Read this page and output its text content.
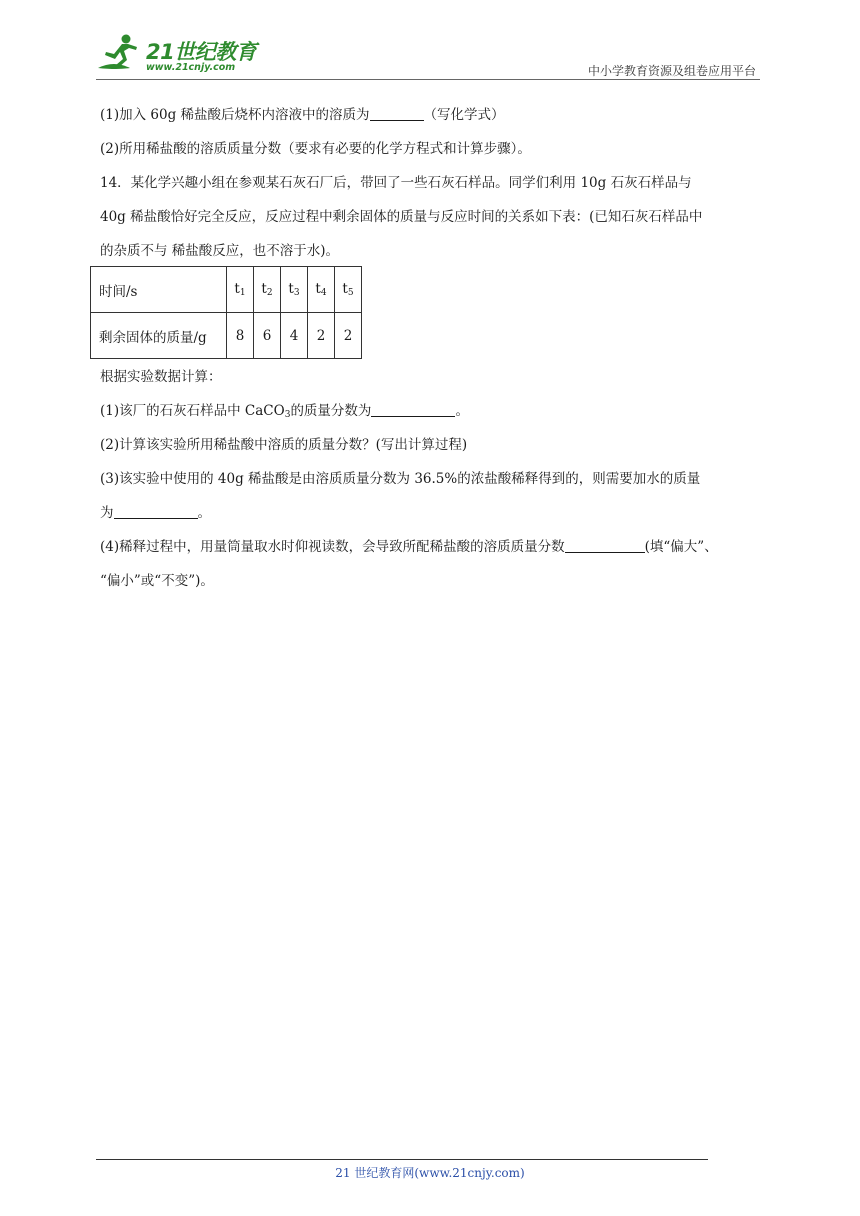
21世纪教育
www.21cnjy.com	中小学教育资源及组卷应用平台
(1)加入 60g 稀盐酸后烧杯内溶液中的溶质为	（写化学式）
(2)所用稀盐酸的溶质质量分数（要求有必要的化学方程式和计算步骤）。
14．某化学兴趣小组在参观某石灰石厂后，带回了一些石灰石样品。同学们利用 10g 石灰石样品与
40g 稀盐酸恰好完全反应，反应过程中剩余固体的质量与反应时间的关系如下表：(已知石灰石样品中
的杂质不与 稀盐酸反应，也不溶于水)。
根据实验数据计算：
(1)该厂的石灰石样品中 CaCO$_3$的质量分数为	。
(2)计算该实验所用稀盐酸中溶质的质量分数？(写出计算过程)
(3)该实验中使用的 40g 稀盐酸是由溶质质量分数为 36.5%的浓盐酸稀释得到的，则需要加水的质量
为	。
(4)稀释过程中，用量筒量取水时仰视读数，会导致所配稀盐酸的溶质质量分数	(填“偏大”、
“偏小”或“不变”)。
时间/s	$t_1$	$t_2$	$t_3$	$t_4$	$t_5$
剩余固体的质量/g	8	6	4	2	2
21 世纪教育网(www.21cnjy.com)
